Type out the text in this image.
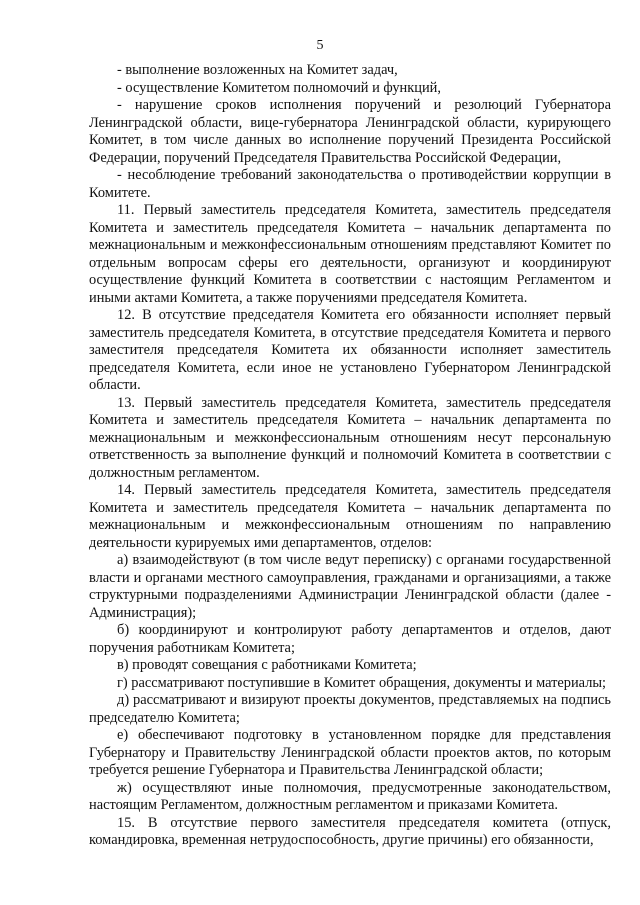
5

- выполнение возложенных на Комитет задач,

- осуществление Комитетом полномочий и функций,

- нарушение сроков исполнения поручений и резолюций Губернатора Ленинградской области, вице-губернатора Ленинградской области, курирующего Комитет, в том числе данных во исполнение поручений Президента Российской Федерации, поручений Председателя Правительства Российской Федерации,

- несоблюдение требований законодательства о противодействии коррупции в Комитете.

11. Первый заместитель председателя Комитета, заместитель председателя Комитета и заместитель председателя Комитета – начальник департамента по межнациональным и межконфессиональным отношениям представляют Комитет по отдельным вопросам сферы его деятельности, организуют и координируют осуществление функций Комитета в соответствии с настоящим Регламентом и иными актами Комитета, а также поручениями председателя Комитета.

12. В отсутствие председателя Комитета его обязанности исполняет первый заместитель председателя Комитета, в отсутствие председателя Комитета и первого заместителя председателя Комитета их обязанности исполняет заместитель председателя Комитета, если иное не установлено Губернатором Ленинградской области.

13. Первый заместитель председателя Комитета, заместитель председателя Комитета и заместитель председателя Комитета – начальник департамента по межнациональным и межконфессиональным отношениям несут персональную ответственность за выполнение функций и полномочий Комитета в соответствии с должностным регламентом.

14. Первый заместитель председателя Комитета, заместитель председателя Комитета и заместитель председателя Комитета – начальник департамента по межнациональным и межконфессиональным отношениям по направлению деятельности курируемых ими департаментов, отделов:

а) взаимодействуют (в том числе ведут переписку) с органами государственной власти и органами местного самоуправления, гражданами и организациями, а также структурными подразделениями Администрации Ленинградской области (далее - Администрация);

б) координируют и контролируют работу департаментов и отделов, дают поручения работникам Комитета;

в) проводят совещания с работниками Комитета;

г) рассматривают поступившие в Комитет обращения, документы и материалы;

д) рассматривают и визируют проекты документов, представляемых на подпись председателю Комитета;

е) обеспечивают подготовку в установленном порядке для представления Губернатору и Правительству Ленинградской области проектов актов, по которым требуется решение Губернатора и Правительства Ленинградской области;

ж) осуществляют иные полномочия, предусмотренные законодательством, настоящим Регламентом, должностным регламентом и приказами Комитета.

15. В отсутствие первого заместителя председателя комитета (отпуск, командировка, временная нетрудоспособность, другие причины) его обязанности,
